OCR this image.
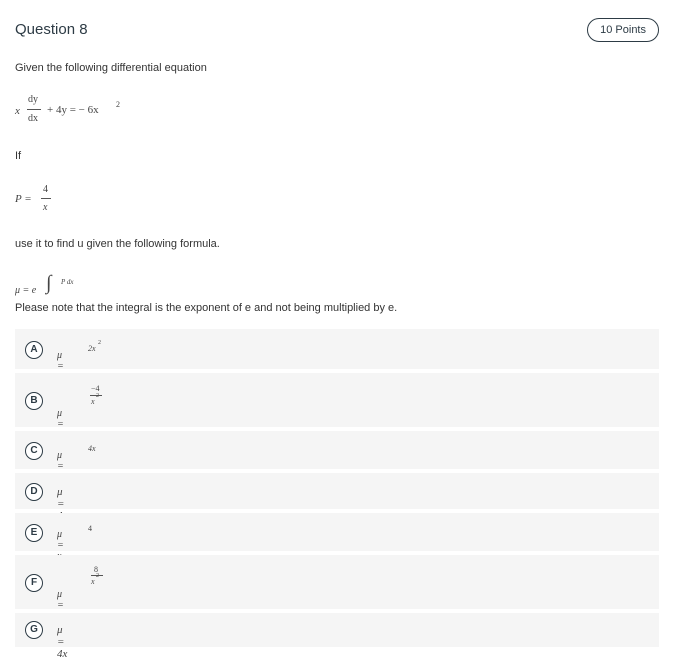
Question 8	10 Points
Given the following differential equation
x
dy
dx
+ 4y = − 6x 2
If
P =
4
x
use it to find u given the following formula.
μ = e ∫ P dx
Please note that the integral is the exponent of e and not being multiplied by e.
A
μ =
2x
2
B
μ =
−4
x
2
C	μ =
4x
D	μ =
E	μ =
4
F
μ =
8
x
2
G	μ = 4x
